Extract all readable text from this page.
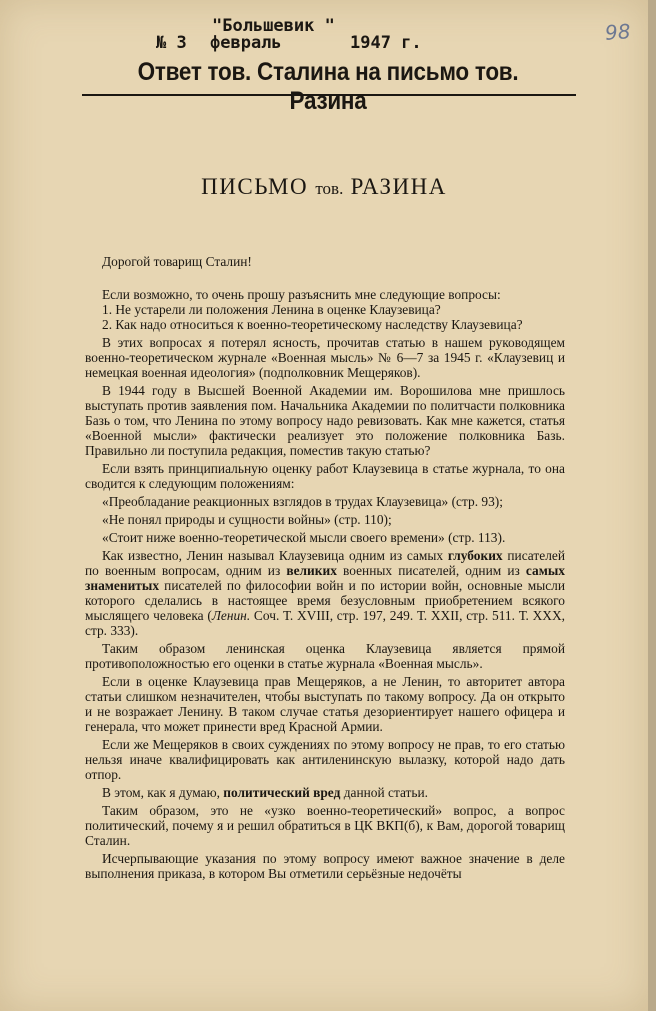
98
"Большевик "
№ 3 февраль	1947 г.
Ответ тов. Сталина на письмо тов. Разина
ПИСЬМО тов. РАЗИНА

Дорогой товарищ Сталин!

Если возможно, то очень прошу разъяснить мне следующие вопросы:

1. Не устарели ли положения Ленина в оценке Клаузевица?

2. Как надо относиться к военно-теоретическому наследству Клаузевица?

В этих вопросах я потерял ясность, прочитав статью в нашем руководящем военно-теоретическом журнале «Военная мысль» № 6—7 за 1945 г. «Клаузевиц и немецкая военная идеология» (подполковник Мещеряков).

В 1944 году в Высшей Военной Академии им. Ворошилова мне пришлось выступать против заявления пом. Начальника Академии по политчасти полковника Базь о том, что Ленина по этому вопросу надо ревизовать. Как мне кажется, статья «Военной мысли» фактически реализует это положение полковника Базь. Правильно ли поступила редакция, поместив такую статью?

Если взять принципиальную оценку работ Клаузевица в статье журнала, то она сводится к следующим положениям:

«Преобладание реакционных взглядов в трудах Клаузевица» (стр. 93);

«Не понял природы и сущности войны» (стр. 110);

«Стоит ниже военно-теоретической мысли своего времени» (стр. 113).

Как известно, Ленин называл Клаузевица одним из самых глубоких писателей по военным вопросам, одним из великих военных писателей, одним из самых знаменитых писателей по философии войн и по истории войн, основные мысли которого сделались в настоящее время безусловным приобретением всякого мыслящего человека (Ленин. Соч. Т. XVIII, стр. 197, 249. Т. XXII, стр. 511. Т. XXX, стр. 333).

Таким образом ленинская оценка Клаузевица является прямой противоположностью его оценки в статье журнала «Военная мысль».

Если в оценке Клаузевица прав Мещеряков, а не Ленин, то авторитет автора статьи слишком незначителен, чтобы выступать по такому вопросу. Да он открыто и не возражает Ленину. В таком случае статья дезориентирует нашего офицера и генерала, что может принести вред Красной Армии.

Если же Мещеряков в своих суждениях по этому вопросу не прав, то его статью нельзя иначе квалифицировать как антиленинскую вылазку, которой надо дать отпор.

В этом, как я думаю, политический вред данной статьи.

Таким образом, это не «узко военно-теоретический» вопрос, а вопрос политический, почему я и решил обратиться в ЦК ВКП(б), к Вам, дорогой товарищ Сталин.

Исчерпывающие указания по этому вопросу имеют важное значение в деле выполнения приказа, в котором Вы отметили серьёзные недочёты
